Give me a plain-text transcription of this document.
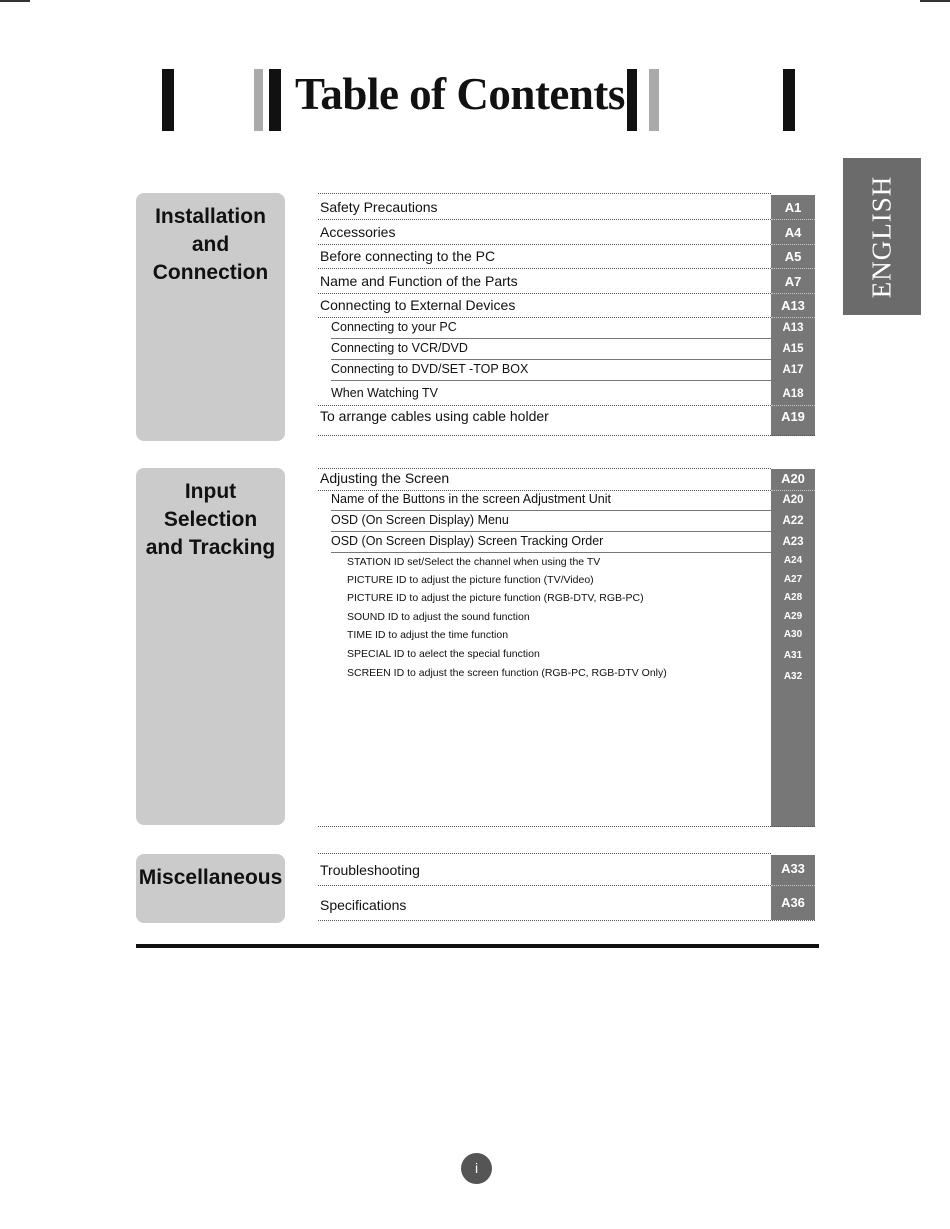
Table of Contents
ENGLISH
Installation
and
Connection
Safety Precautions	A1
Accessories	A4
Before connecting to the PC	A5
Name and Function of the Parts	A7
Connecting to External Devices	A13
Connecting to your PC	A13
Connecting to VCR/DVD	A15
Connecting to DVD/SET -TOP BOX	A17
When Watching TV	A18
To arrange cables using cable holder	A19
Input
Selection
and Tracking
Adjusting the Screen	A20
Name of the Buttons in the screen Adjustment Unit	A20
OSD (On Screen Display) Menu	A22
OSD (On Screen Display) Screen Tracking Order	A23
STATION ID set/Select the channel when using the TV	A24
PICTURE ID to adjust the picture function (TV/Video)	A27
PICTURE ID to adjust the picture function (RGB-DTV, RGB-PC)	A28
SOUND ID to adjust the sound function	A29
TIME ID to adjust the time function	A30
SPECIAL ID to aelect the special function	A31
SCREEN ID to adjust the screen function (RGB-PC, RGB-DTV Only)	A32
Miscellaneous	Troubleshooting	A33
Specifications	A36
i
